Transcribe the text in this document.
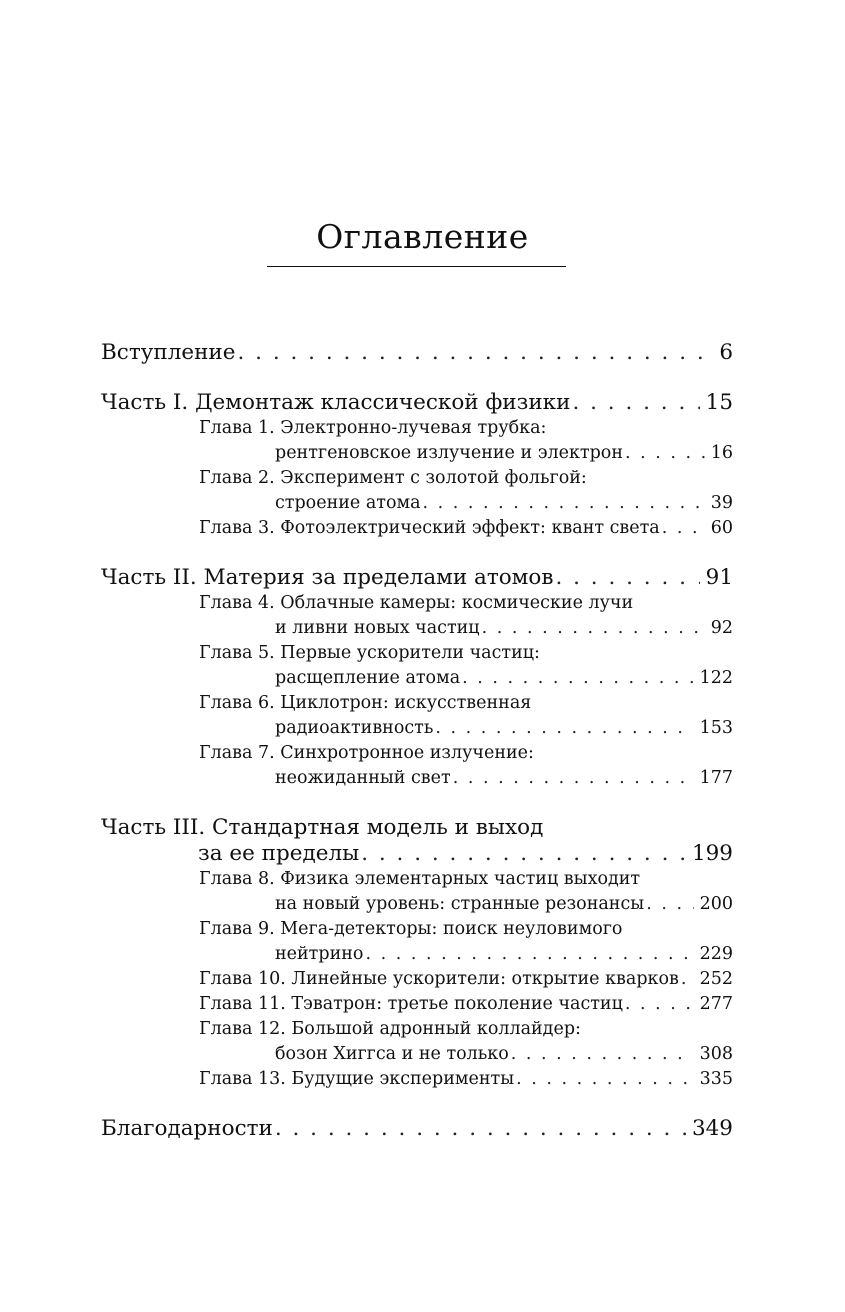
Оглавление
Вступление . . .	6
Часть I. Демонтаж классической физики . . .	15
Глава 1. Электронно-лучевая трубка:
рентгеновское излучение и электрон . . .	16
Глава 2. Эксперимент с золотой фольгой:
строение атома . . .	39
Глава 3. Фотоэлектрический эффект: квант света . . .	60
Часть II. Материя за пределами атомов . . .	91
Глава 4. Облачные камеры: космические лучи
и ливни новых частиц . . .	92
Глава 5. Первые ускорители частиц:
расщепление атома . . .	122
Глава 6. Циклотрон: искусственная
радиоактивность . . .	153
Глава 7. Синхротронное излучение:
неожиданный свет . . .	177
Часть III. Стандартная модель и выход
за ее пределы . . .	199
Глава 8. Физика элементарных частиц выходит
на новый уровень: странные резонансы . . .	200
Глава 9. Мега-детекторы: поиск неуловимого
нейтрино . . .	229
Глава 10. Линейные ускорители: открытие кварков . . . 252
Глава 11. Тэватрон: третье поколение частиц . . .	277
Глава 12. Большой адронный коллайдер:
бозон Хиггса и не только . . .	308
Глава 13. Будущие эксперименты . . .	335
Благодарности . . .	349
